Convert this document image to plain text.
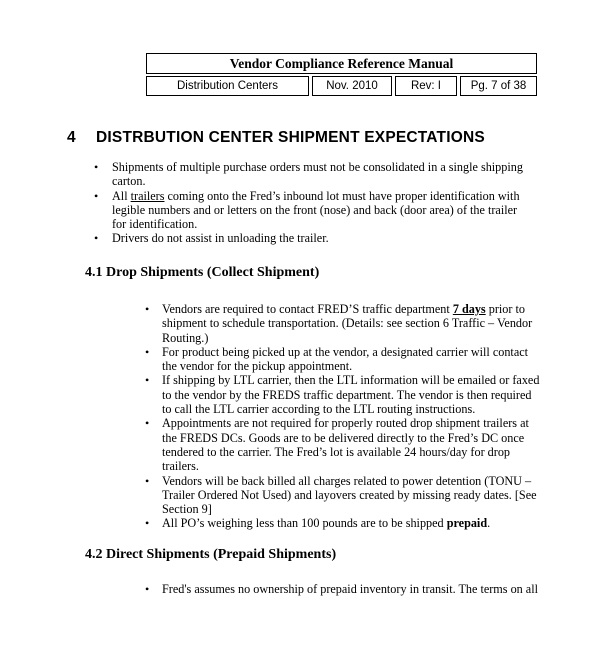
Vendor Compliance Reference Manual
Distribution Centers	Nov. 2010	Rev: I	Pg. 7 of 38
4 DISTRBUTION CENTER SHIPMENT EXPECTATIONS
• Shipments of multiple purchase orders must not be consolidated in a single shipping carton.
• All trailers coming onto the Fred’s inbound lot must have proper identification with legible numbers and or letters on the front (nose) and back (door area) of the trailer for identification.
• Drivers do not assist in unloading the trailer.
4.1 Drop Shipments (Collect Shipment)
• Vendors are required to contact FRED’S traffic department 7 days prior to shipment to schedule transportation. (Details: see section 6 Traffic – Vendor Routing.)
• For product being picked up at the vendor, a designated carrier will contact the vendor for the pickup appointment.
• If shipping by LTL carrier, then the LTL information will be emailed or faxed to the vendor by the FREDS traffic department. The vendor is then required to call the LTL carrier according to the LTL routing instructions.
• Appointments are not required for properly routed drop shipment trailers at the FREDS DCs. Goods are to be delivered directly to the Fred’s DC once tendered to the carrier. The Fred’s lot is available 24 hours/day for drop trailers.
• Vendors will be back billed all charges related to power detention (TONU – Trailer Ordered Not Used) and layovers created by missing ready dates. [See Section 9]
• All PO’s weighing less than 100 pounds are to be shipped prepaid.
4.2 Direct Shipments (Prepaid Shipments)
• Fred's assumes no ownership of prepaid inventory in transit. The terms on all
